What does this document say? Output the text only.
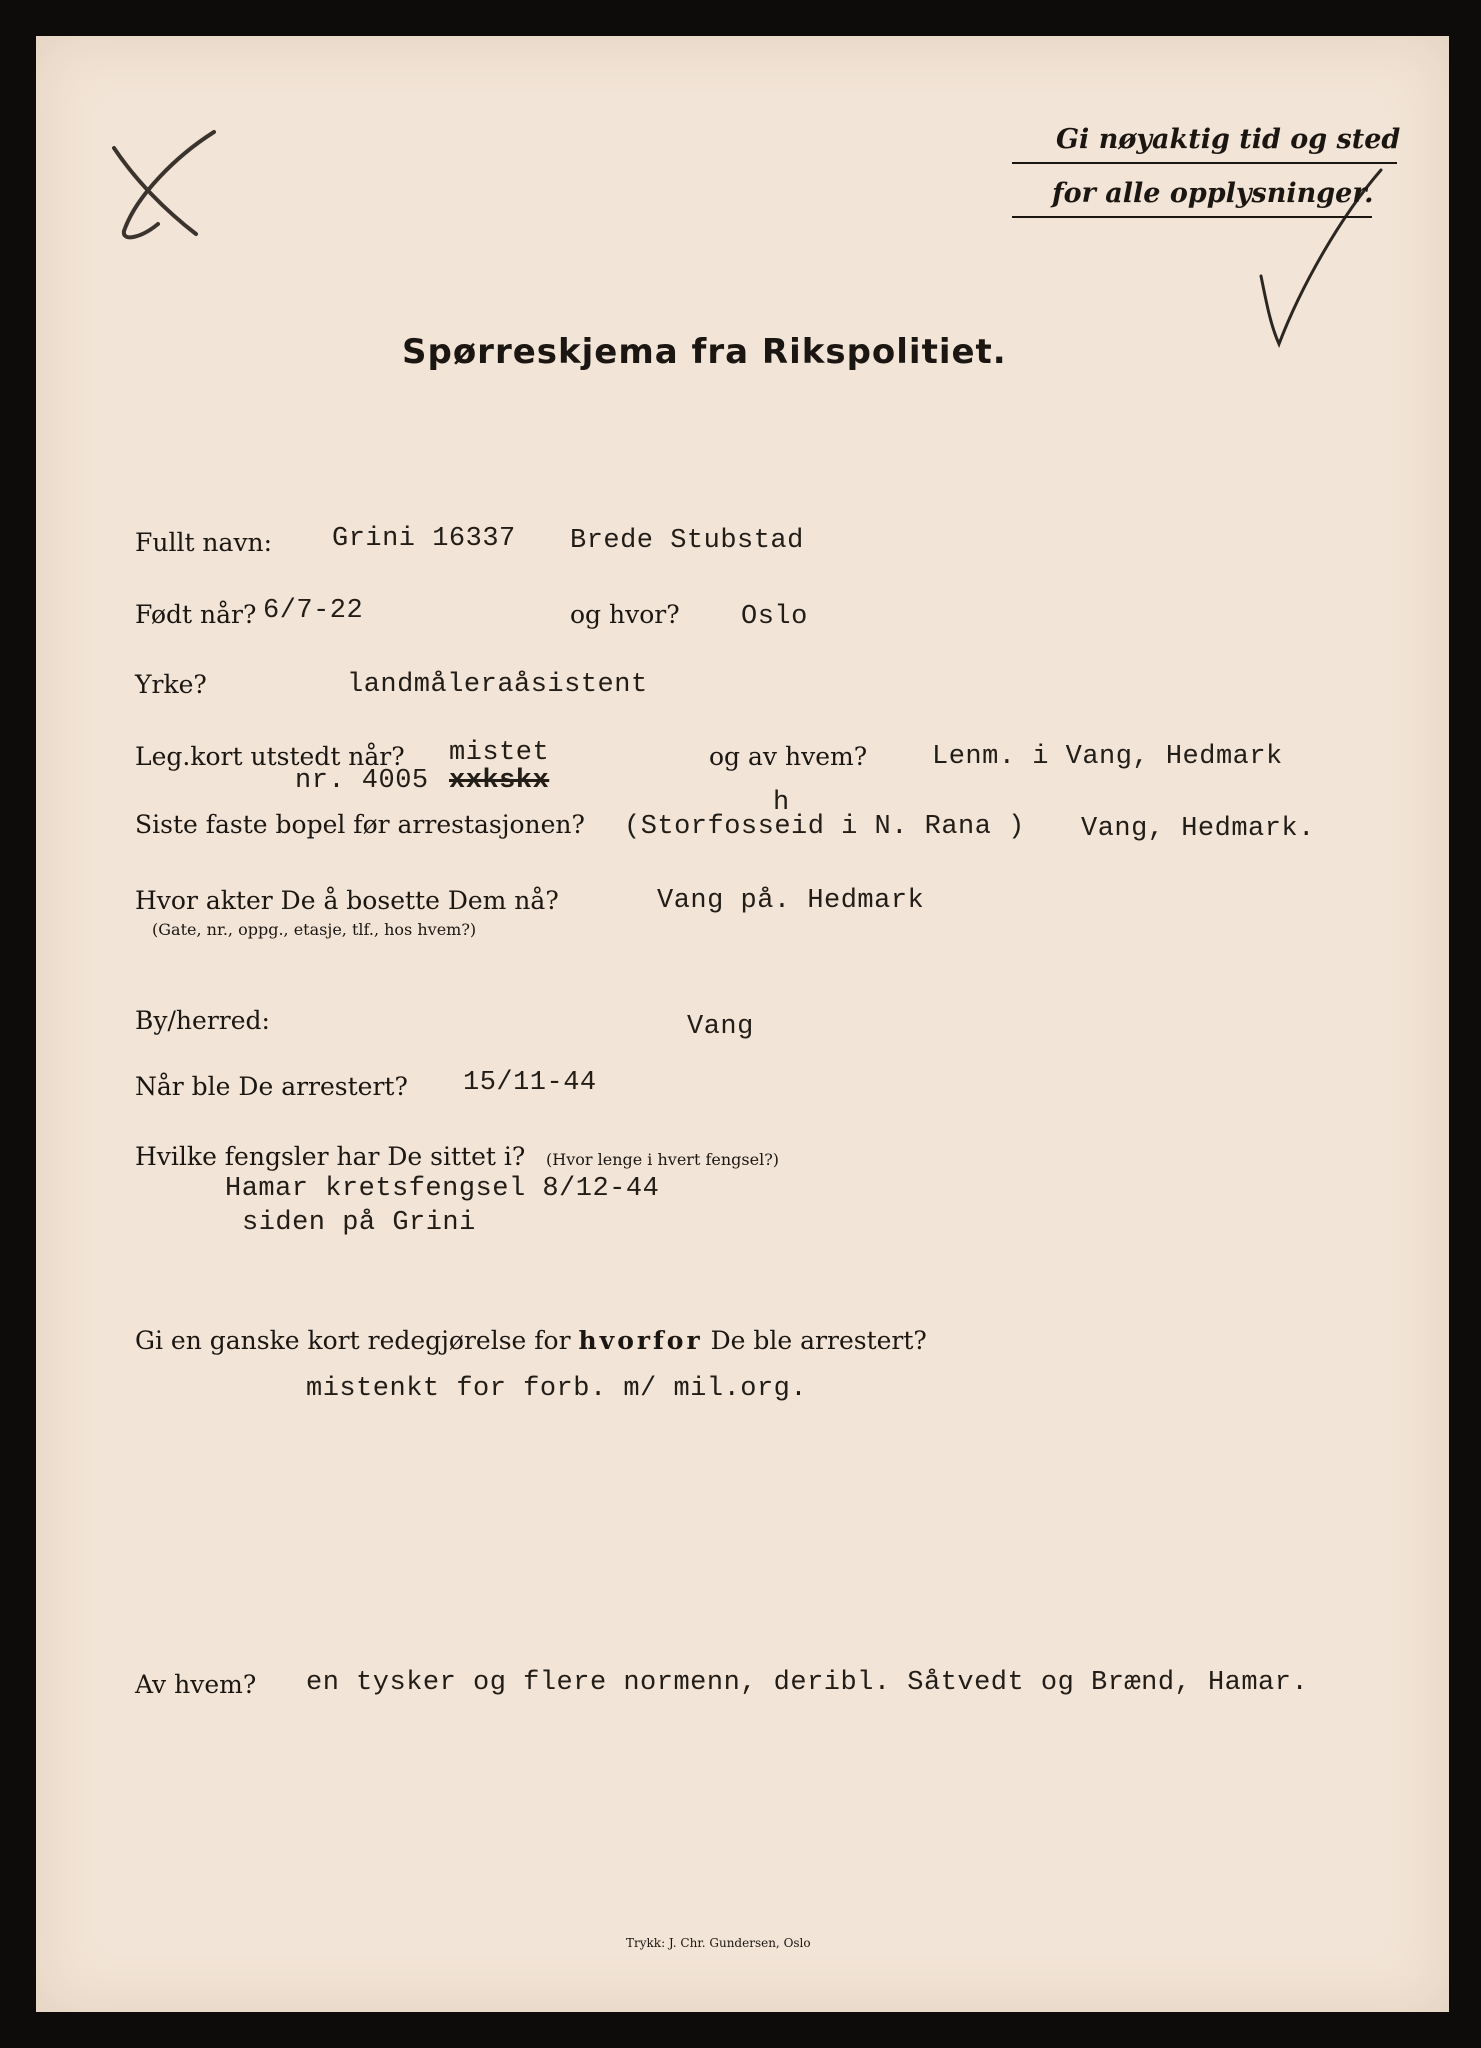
Gi nøyaktig tid og sted
for alle opplysninger.
Spørreskjema fra Rikspolitiet.
Fullt navn: Grini 16337 Brede Stubstad
Født når? 6/7-22	og hvor? Oslo
Yrke?	landmåleraåsistent
Leg.kort utstedt når? mistet
nr. 4005 xxkskx
og av hvem? Lenm. i Vang, Hedmark
Siste faste bopel før arrestasjonen?
h
(Storfosseid i N. Rana ) Vang, Hedmark.
Hvor akter De å bosette Dem nå?
(Gate, nr., oppg., etasje, tlf., hos hvem?)
Vang på. Hedmark
By/herred:	Vang
Når ble De arrestert? 15/11-44
Hvilke fengsler har De sittet i? (Hvor lenge i hvert fengsel?)
Hamar kretsfengsel 8/12-44
siden på Grini
Gi en ganske kort redegjørelse for hvorfor De ble arrestert?
mistenkt for forb. m/ mil.org.
Av hvem? en tysker og flere normenn, deribl. Såtvedt og Brænd, Hamar.
Trykk: J. Chr. Gundersen, Oslo
